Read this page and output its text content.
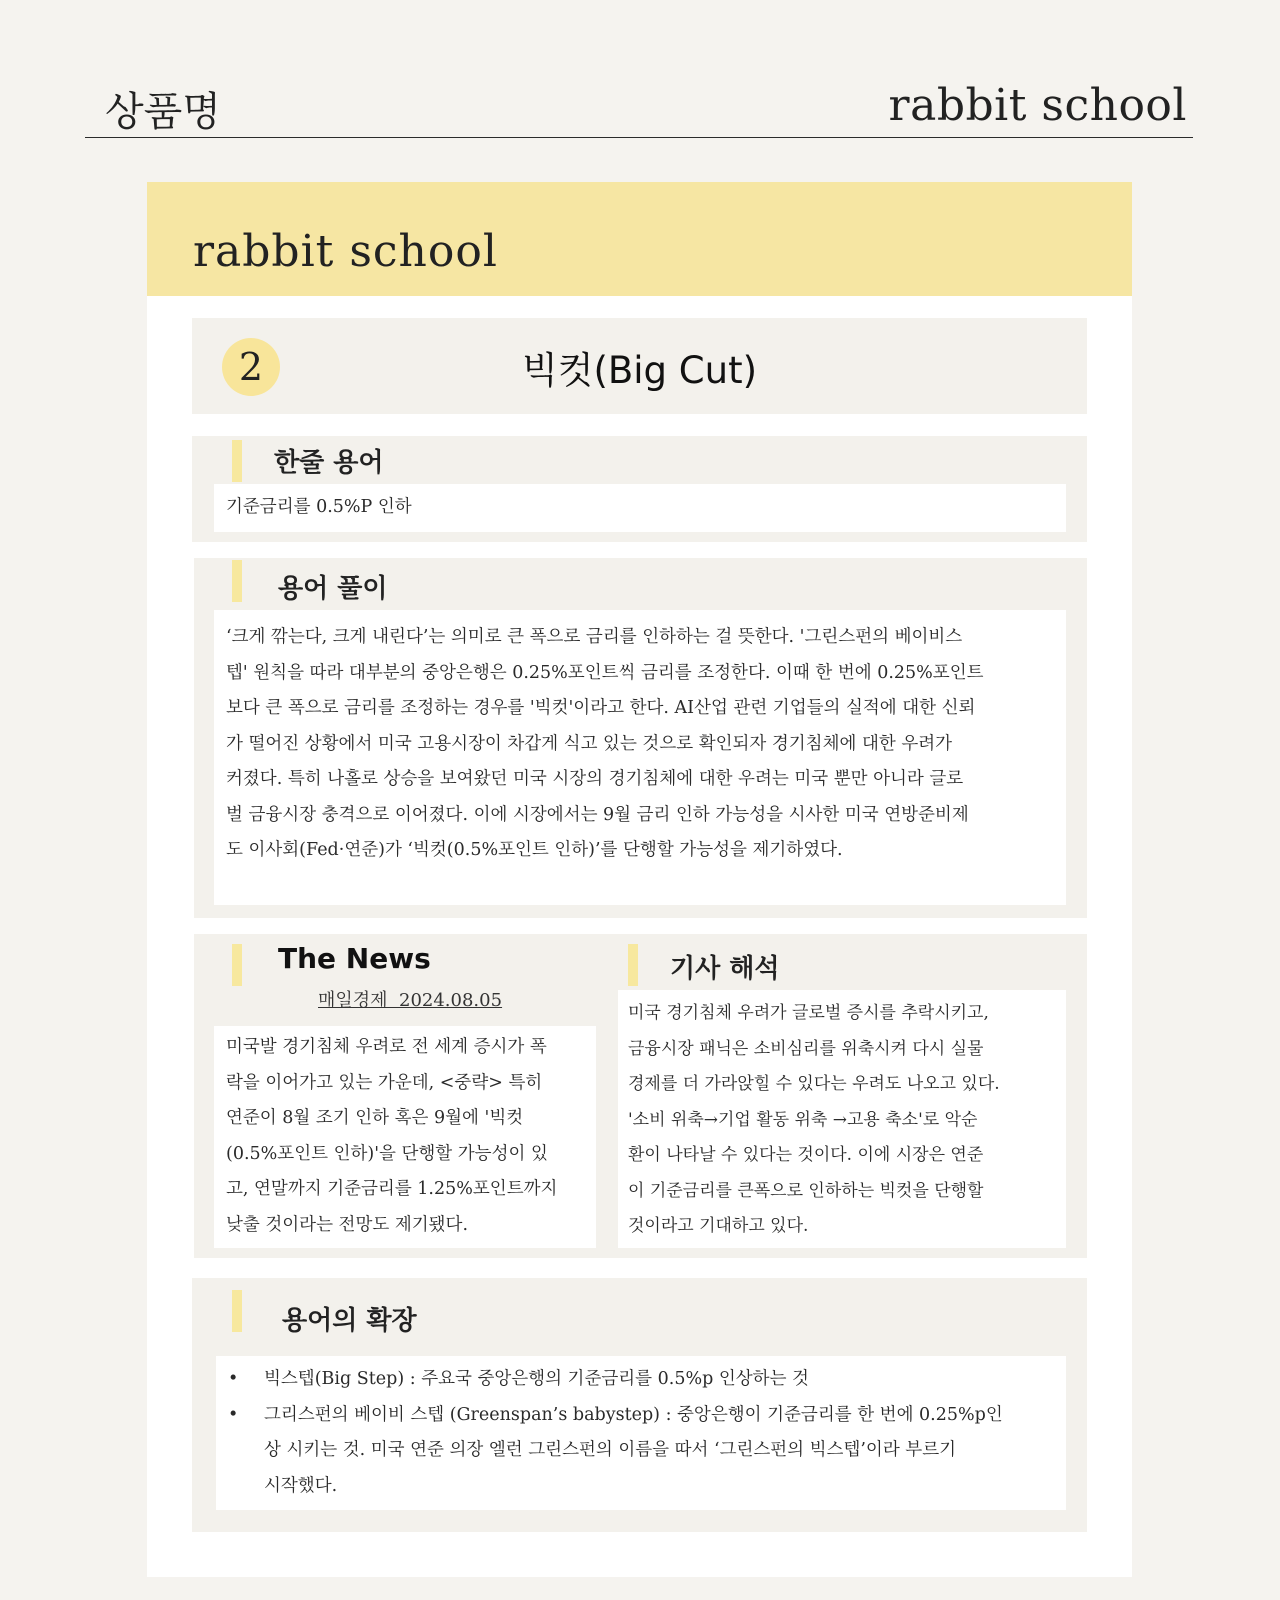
상품명	rabbit school
rabbit school
2	빅컷(Big Cut)
한줄 용어
기준금리를 0.5%P 인하
용어 풀이
‘크게 깎는다, 크게 내린다’는 의미로 큰 폭으로 금리를 인하하는 걸 뜻한다. '그린스펀의 베이비스
텝' 원칙을 따라 대부분의 중앙은행은 0.25%포인트씩 금리를 조정한다. 이때 한 번에 0.25%포인트
보다 큰 폭으로 금리를 조정하는 경우를 '빅컷'이라고 한다. AI산업 관련 기업들의 실적에 대한 신뢰
가 떨어진 상황에서 미국 고용시장이 차갑게 식고 있는 것으로 확인되자 경기침체에 대한 우려가
커졌다. 특히 나홀로 상승을 보여왔던 미국 시장의 경기침체에 대한 우려는 미국 뿐만 아니라 글로
벌 금융시장 충격으로 이어졌다. 이에 시장에서는 9월 금리 인하 가능성을 시사한 미국 연방준비제
도 이사회(Fed·연준)가 ‘빅컷(0.5%포인트 인하)’를 단행할 가능성을 제기하였다.
The News
매일경제  2024.08.05
미국발 경기침체 우려로 전 세계 증시가 폭
락을 이어가고 있는 가운데, <중략> 특히
연준이 8월 조기 인하 혹은 9월에 '빅컷
(0.5%포인트 인하)'을 단행할 가능성이 있
고, 연말까지 기준금리를 1.25%포인트까지
낮출 것이라는 전망도 제기됐다.
기사 해석
미국 경기침체 우려가 글로벌 증시를 추락시키고,
금융시장 패닉은 소비심리를 위축시켜 다시 실물
경제를 더 가라앉힐 수 있다는 우려도 나오고 있다.
'소비 위축→기업 활동 위축 →고용 축소'로 악순
환이 나타날 수 있다는 것이다. 이에 시장은 연준
이 기준금리를 큰폭으로 인하하는 빅컷을 단행할
것이라고 기대하고 있다.
용어의 확장
• 빅스텝(Big Step) : 주요국 중앙은행의 기준금리를 0.5%p 인상하는 것
• 그리스펀의 베이비 스텝 (Greenspan’s babystep) : 중앙은행이 기준금리를 한 번에 0.25%p인
상 시키는 것. 미국 연준 의장 엘런 그린스펀의 이름을 따서 ‘그린스펀의 빅스텝’이라 부르기
시작했다.
